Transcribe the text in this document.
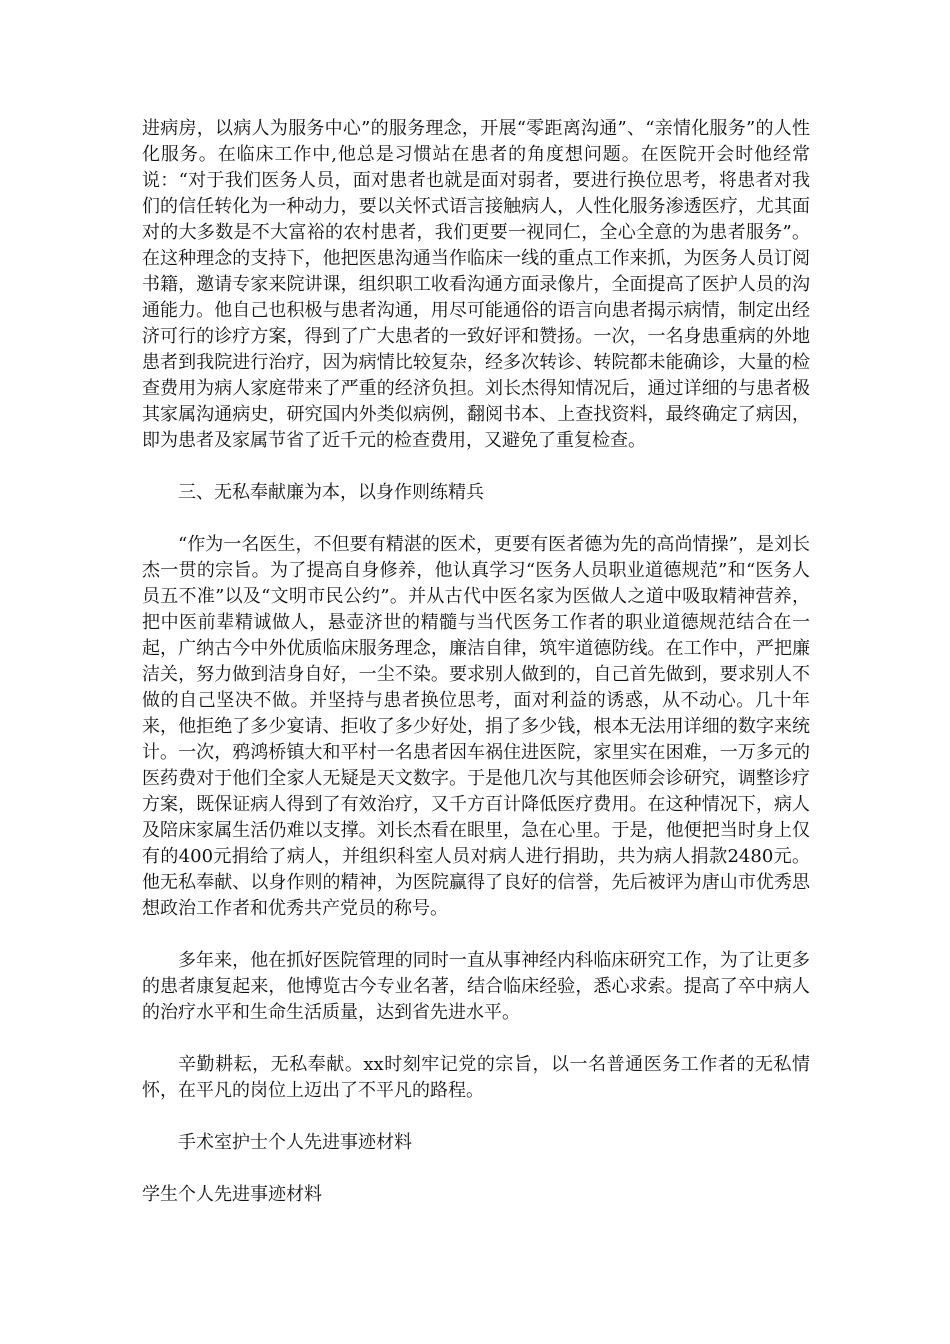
进病房，以病人为服务中心”的服务理念，开展“零距离沟通”、“亲情化服务”的人性化服务。在临床工作中,他总是习惯站在患者的角度想问题。在医院开会时他经常说：“对于我们医务人员，面对患者也就是面对弱者，要进行换位思考，将患者对我们的信任转化为一种动力，要以关怀式语言接触病人，人性化服务渗透医疗，尤其面对的大多数是不大富裕的农村患者，我们更要一视同仁，全心全意的为患者服务”。在这种理念的支持下，他把医患沟通当作临床一线的重点工作来抓，为医务人员订阅书籍，邀请专家来院讲课，组织职工收看沟通方面录像片，全面提高了医护人员的沟通能力。他自己也积极与患者沟通，用尽可能通俗的语言向患者揭示病情，制定出经济可行的诊疗方案，得到了广大患者的一致好评和赞扬。一次，一名身患重病的外地患者到我院进行治疗，因为病情比较复杂，经多次转诊、转院都未能确诊，大量的检查费用为病人家庭带来了严重的经济负担。刘长杰得知情况后，通过详细的与患者极其家属沟通病史，研究国内外类似病例，翻阅书本、上查找资料，最终确定了病因，即为患者及家属节省了近千元的检查费用，又避免了重复检查。

三、无私奉献廉为本，以身作则练精兵

“作为一名医生，不但要有精湛的医术，更要有医者德为先的高尚情操”，是刘长杰一贯的宗旨。为了提高自身修养，他认真学习“医务人员职业道德规范”和“医务人员五不准”以及“文明市民公约”。并从古代中医名家为医做人之道中吸取精神营养，把中医前辈精诚做人，悬壶济世的精髓与当代医务工作者的职业道德规范结合在一起，广纳古今中外优质临床服务理念，廉洁自律，筑牢道德防线。在工作中，严把廉洁关，努力做到洁身自好，一尘不染。要求别人做到的，自己首先做到，要求别人不做的自己坚决不做。并坚持与患者换位思考，面对利益的诱惑，从不动心。几十年来，他拒绝了多少宴请、拒收了多少好处，捐了多少钱，根本无法用详细的数字来统计。一次，鸦鸿桥镇大和平村一名患者因车祸住进医院，家里实在困难，一万多元的医药费对于他们全家人无疑是天文数字。于是他几次与其他医师会诊研究，调整诊疗方案，既保证病人得到了有效治疗，又千方百计降低医疗费用。在这种情况下，病人及陪床家属生活仍难以支撑。刘长杰看在眼里，急在心里。于是，他便把当时身上仅有的400元捐给了病人，并组织科室人员对病人进行捐助，共为病人捐款2480元。他无私奉献、以身作则的精神，为医院赢得了良好的信誉，先后被评为唐山市优秀思想政治工作者和优秀共产党员的称号。

多年来，他在抓好医院管理的同时一直从事神经内科临床研究工作，为了让更多的患者康复起来，他博览古今专业名著，结合临床经验，悉心求索。提高了卒中病人的治疗水平和生命生活质量，达到省先进水平。

辛勤耕耘，无私奉献。xx时刻牢记党的宗旨，以一名普通医务工作者的无私情怀，在平凡的岗位上迈出了不平凡的路程。

手术室护士个人先进事迹材料

学生个人先进事迹材料
